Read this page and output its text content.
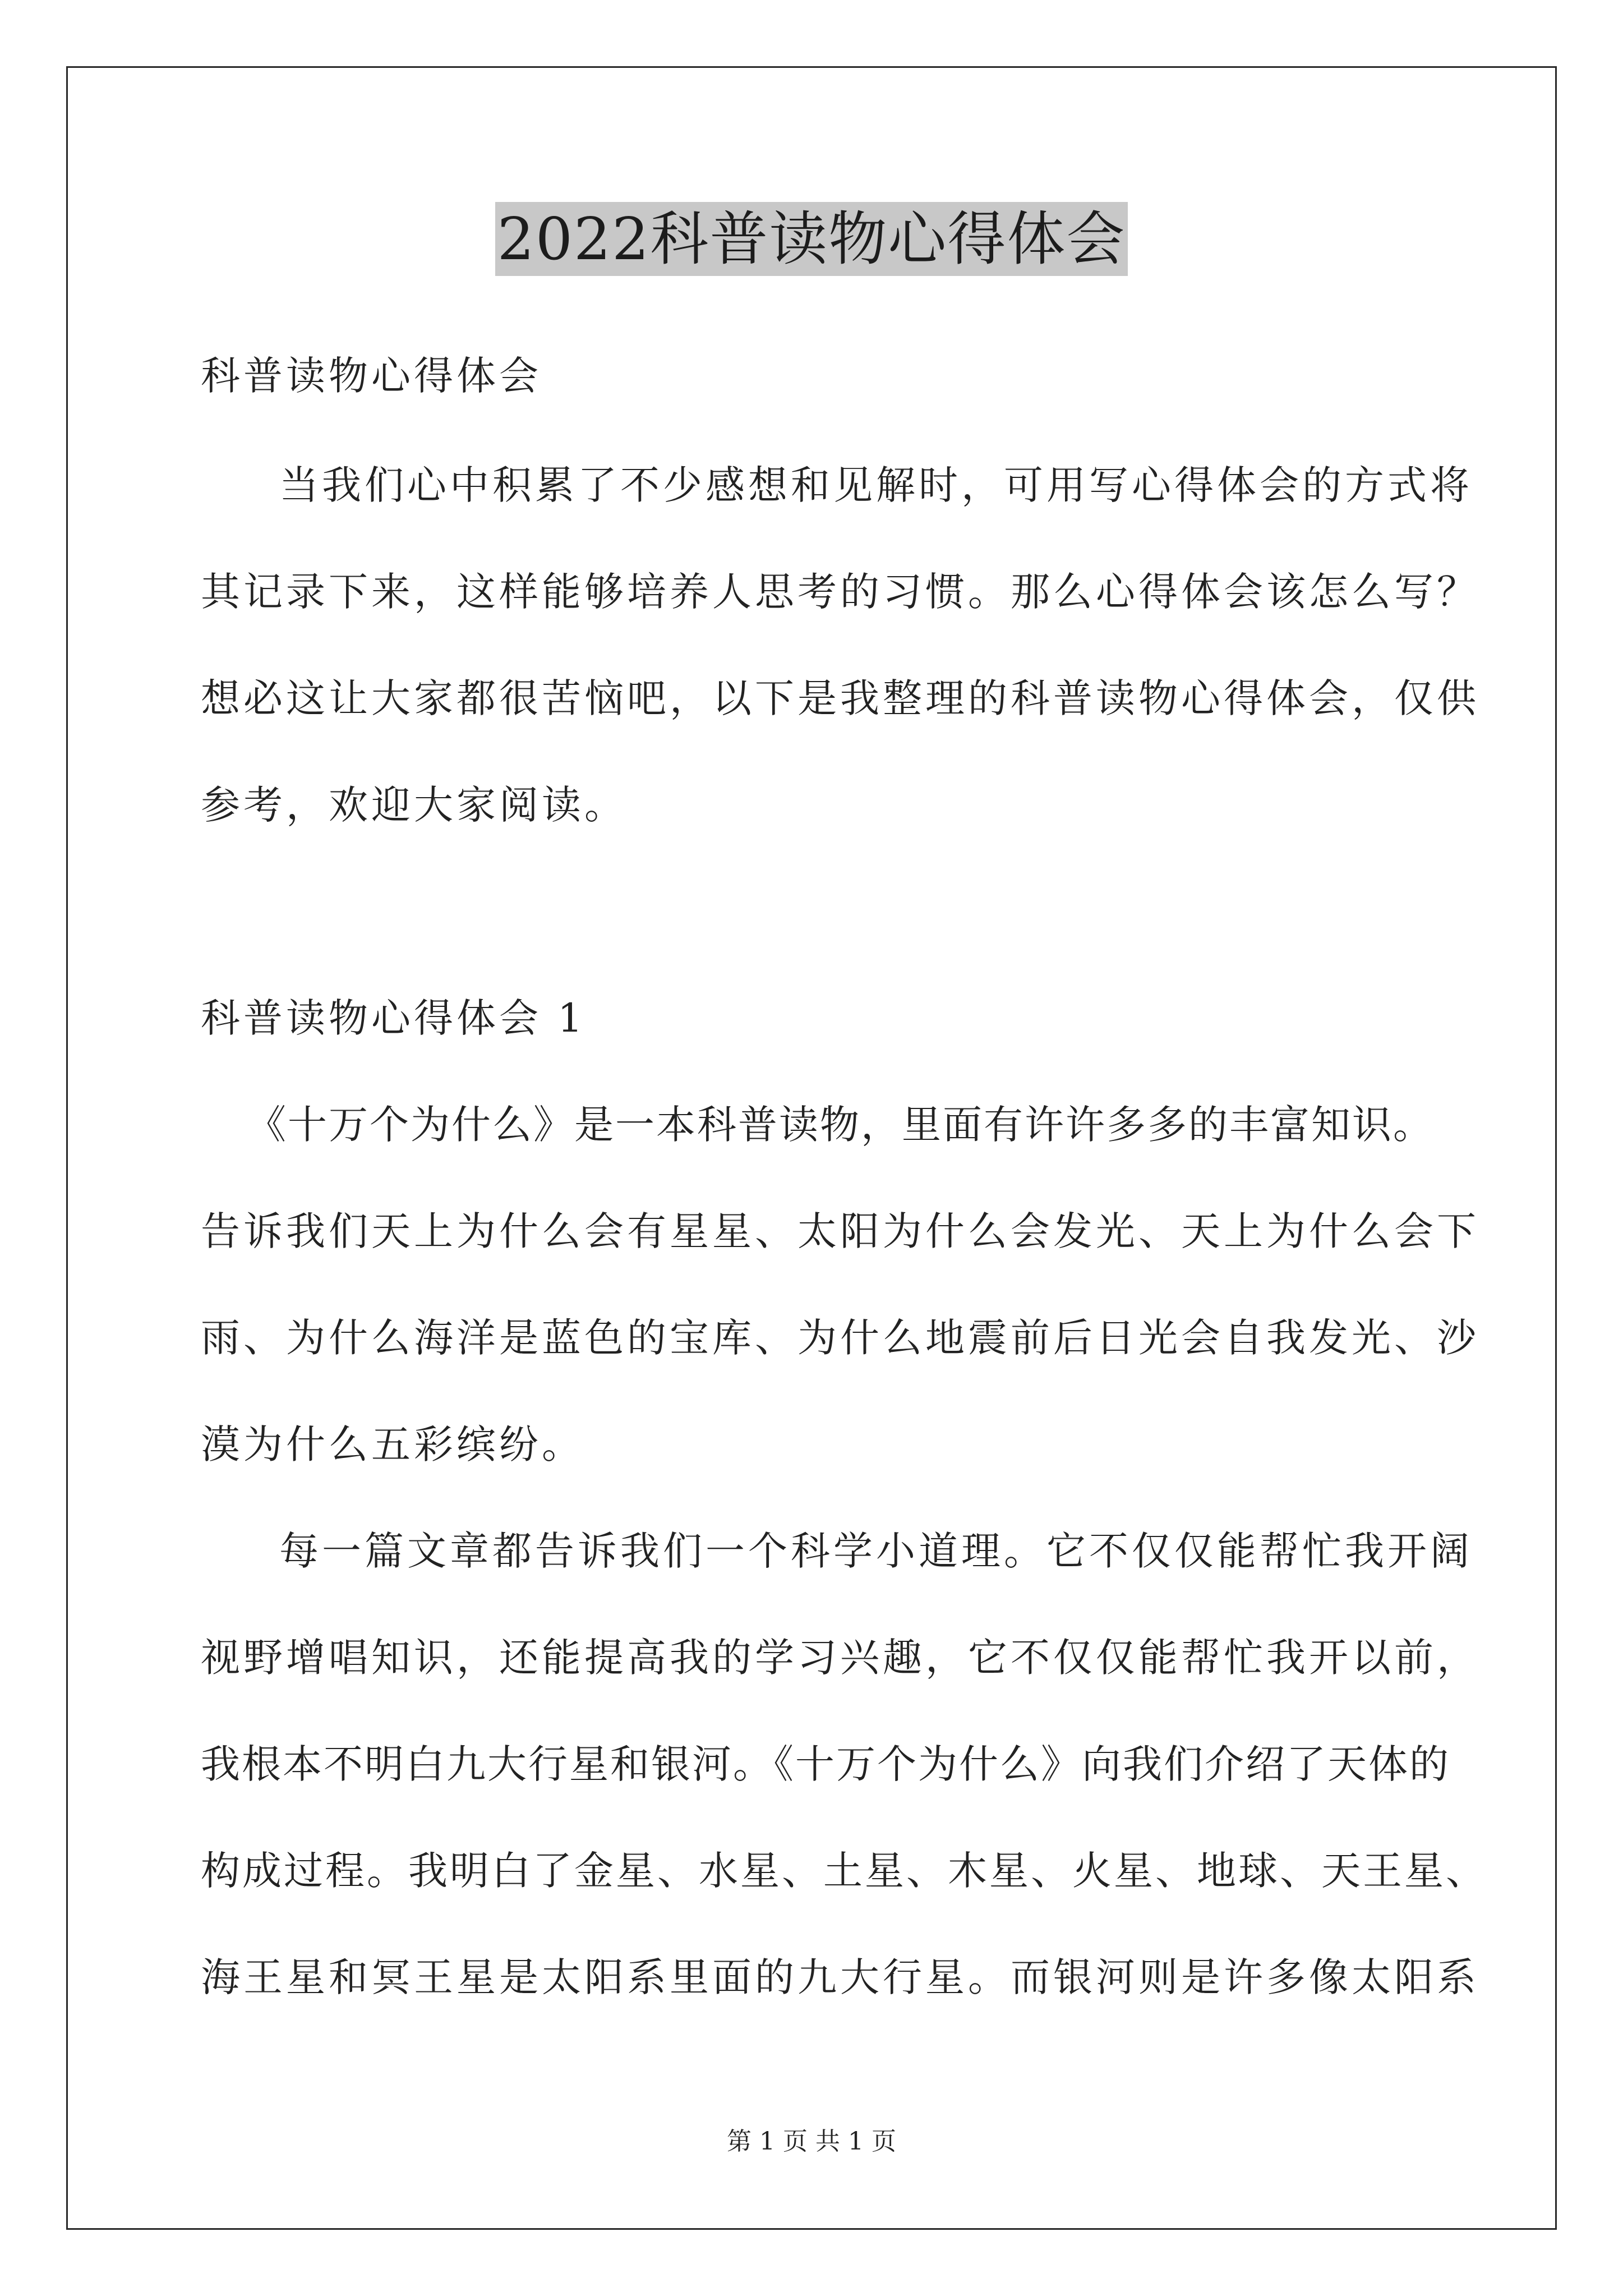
2022科普读物心得体会
科普读物心得体会
当我们心中积累了不少感想和见解时，可用写心得体会的方式将
其记录下来，这样能够培养人思考的习惯。那么心得体会该怎么写？
想必这让大家都很苦恼吧，以下是我整理的科普读物心得体会，仅供
参考，欢迎大家阅读。
科普读物心得体会 1
《十万个为什么》是一本科普读物，里面有许许多多的丰富知识。
告诉我们天上为什么会有星星、太阳为什么会发光、天上为什么会下
雨、为什么海洋是蓝色的宝库、为什么地震前后日光会自我发光、沙
漠为什么五彩缤纷。
每一篇文章都告诉我们一个科学小道理。它不仅仅能帮忙我开阔
视野增唱知识，还能提高我的学习兴趣，它不仅仅能帮忙我开以前，
我根本不明白九大行星和银河。《十万个为什么》向我们介绍了天体的
构成过程。我明白了金星、水星、土星、木星、火星、地球、天王星、
海王星和冥王星是太阳系里面的九大行星。而银河则是许多像太阳系
第 1 页 共 1 页
